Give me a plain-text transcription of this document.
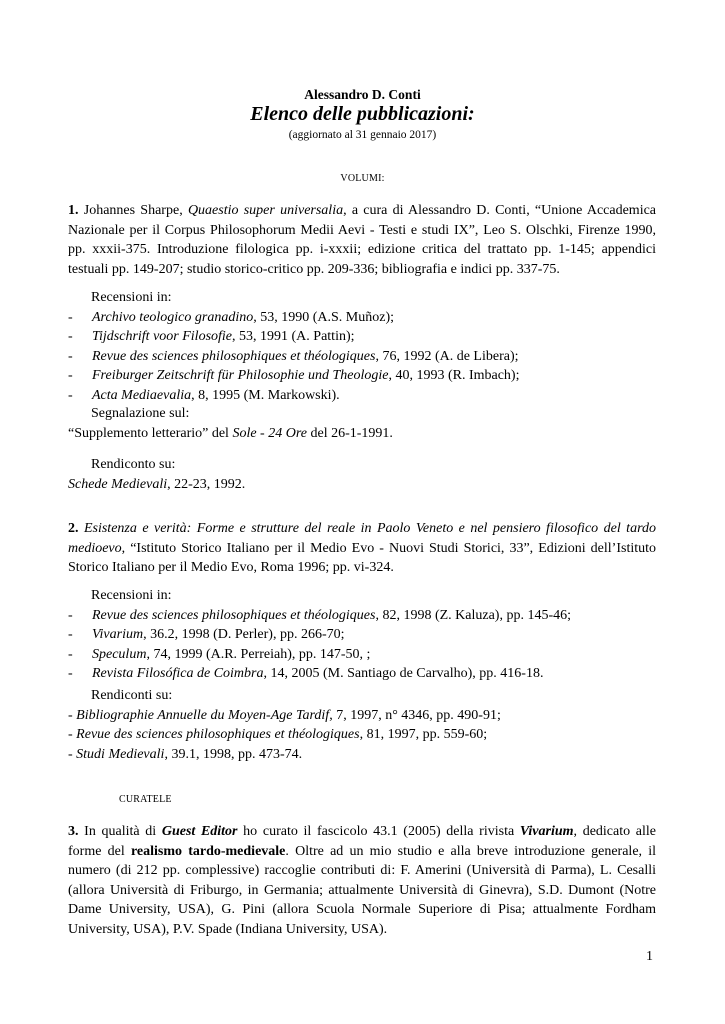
Alessandro D. Conti
Elenco delle pubblicazioni:
(aggiornato al 31 gennaio 2017)
VOLUMI:

1. Johannes Sharpe, Quaestio super universalia, a cura di Alessandro D. Conti, “Unione Accademica Nazionale per il Corpus Philosophorum Medii Aevi - Testi e studi IX”, Leo S. Olschki, Firenze 1990, pp. xxxii-375. Introduzione filologica pp. i-xxxii; edizione critica del trattato pp. 1-145; appendici testuali pp. 149-207; studio storico-critico pp. 209-336; bibliografia e indici pp. 337-75.

Recensioni in:

- Archivo teologico granadino, 53, 1990 (A.S. Muñoz);
- Tijdschrift voor Filosofie, 53, 1991 (A. Pattin);
- Revue des sciences philosophiques et théologiques, 76, 1992 (A. de Libera);
- Freiburger Zeitschrift für Philosophie und Theologie, 40, 1993 (R. Imbach);
- Acta Mediaevalia, 8, 1995 (M. Markowski).

Segnalazione sul:

“Supplemento letterario” del Sole - 24 Ore del 26-1-1991.

Rendiconto su:

Schede Medievali, 22-23, 1992.

2. Esistenza e verità: Forme e strutture del reale in Paolo Veneto e nel pensiero filosofico del tardo medioevo, “Istituto Storico Italiano per il Medio Evo - Nuovi Studi Storici, 33”, Edizioni dell’Istituto Storico Italiano per il Medio Evo, Roma 1996; pp. vi-324.

Recensioni in:

- Revue des sciences philosophiques et théologiques, 82, 1998 (Z. Kaluza), pp. 145-46;
- Vivarium, 36.2, 1998 (D. Perler), pp. 266-70;
- Speculum, 74, 1999 (A.R. Perreiah), pp. 147-50, ;
- Revista Filosófica de Coimbra, 14, 2005 (M. Santiago de Carvalho), pp. 416-18.

Rendiconti su:

- Bibliographie Annuelle du Moyen-Age Tardif, 7, 1997, n° 4346, pp. 490-91;
- Revue des sciences philosophiques et théologiques, 81, 1997, pp. 559-60;
- Studi Medievali, 39.1, 1998, pp. 473-74.
CURATELE

3. In qualità di Guest Editor ho curato il fascicolo 43.1 (2005) della rivista Vivarium, dedicato alle forme del realismo tardo-medievale. Oltre ad un mio studio e alla breve introduzione generale, il numero (di 212 pp. complessive) raccoglie contributi di: F. Amerini (Università di Parma), L. Cesalli (allora Università di Friburgo, in Germania; attualmente Università di Ginevra), S.D. Dumont (Notre Dame University, USA), G. Pini (allora Scuola Normale Superiore di Pisa; attualmente Fordham University, USA), P.V. Spade (Indiana University, USA).

1
